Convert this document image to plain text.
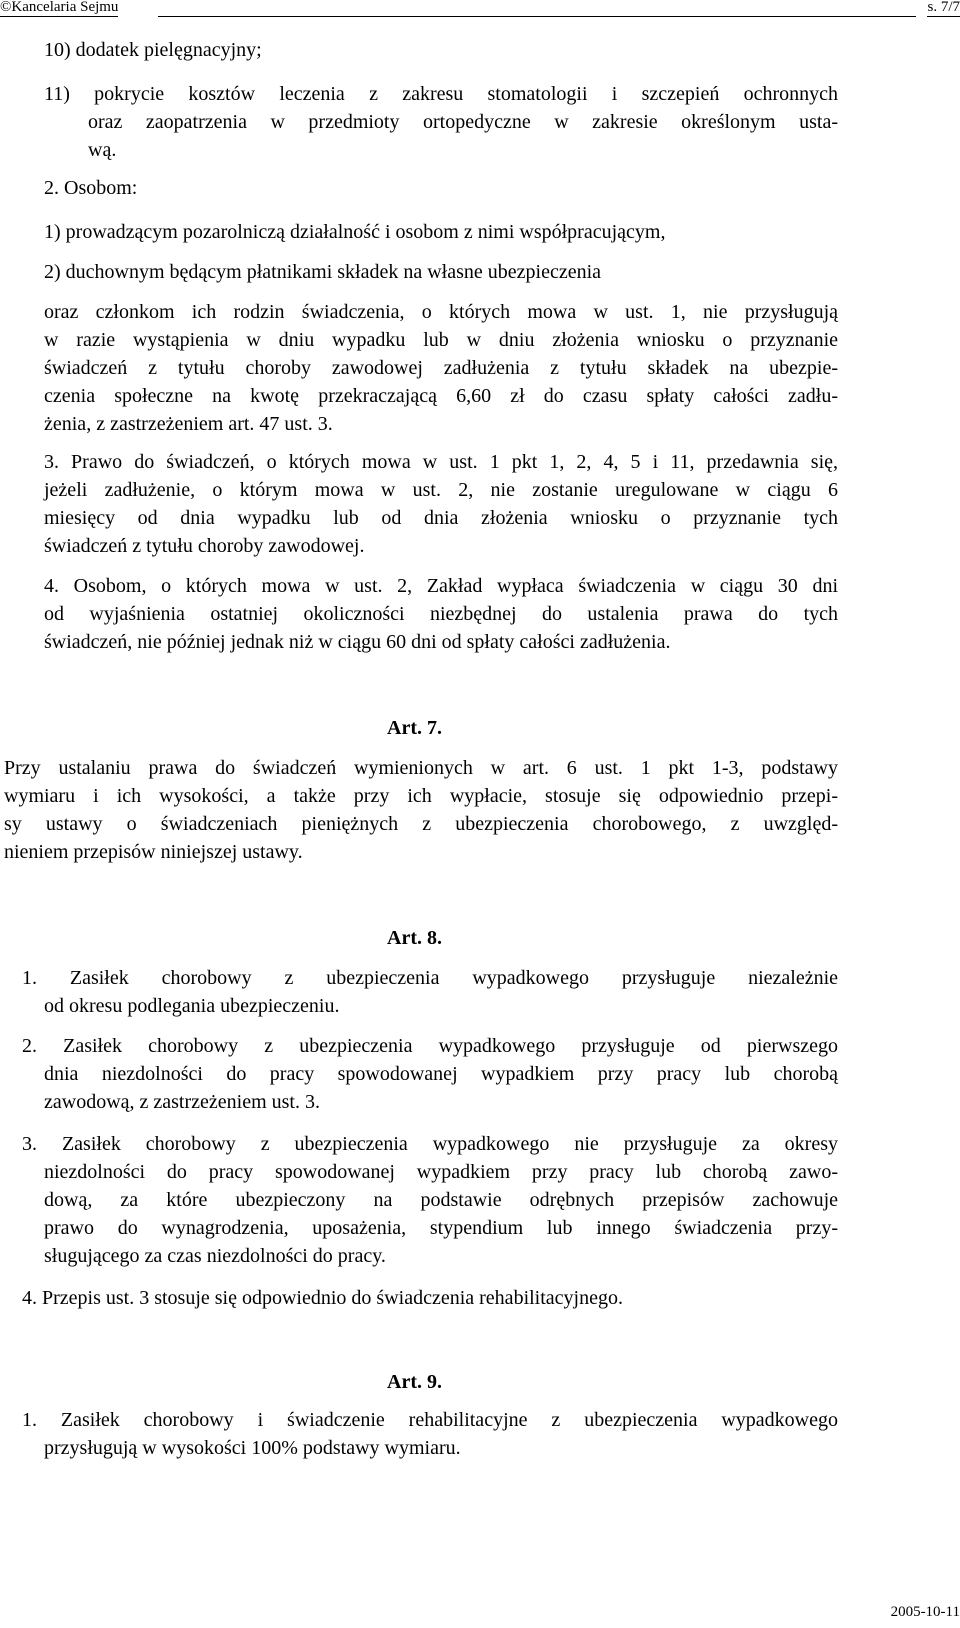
©Kancelaria Sejmu	s. 7/7
10) dodatek pielęgnacyjny;
11) pokrycie kosztów leczenia z zakresu stomatologii i szczepień ochronnych
oraz zaopatrzenia w przedmioty ortopedyczne w zakresie określonym usta-
wą.
2. Osobom:
1) prowadzącym pozarolniczą działalność i osobom z nimi współpracującym,
2) duchownym będącym płatnikami składek na własne ubezpieczenia
oraz członkom ich rodzin świadczenia, o których mowa w ust. 1, nie przysługują
w razie wystąpienia w dniu wypadku lub w dniu złożenia wniosku o przyznanie
świadczeń z tytułu choroby zawodowej zadłużenia z tytułu składek na ubezpie-
czenia społeczne na kwotę przekraczającą 6,60 zł do czasu spłaty całości zadłu-
żenia, z zastrzeżeniem art. 47 ust. 3.
3. Prawo do świadczeń, o których mowa w ust. 1 pkt 1, 2, 4, 5 i 11, przedawnia się,
jeżeli zadłużenie, o którym mowa w ust. 2, nie zostanie uregulowane w ciągu 6
miesięcy od dnia wypadku lub od dnia złożenia wniosku o przyznanie tych
świadczeń z tytułu choroby zawodowej.
4. Osobom, o których mowa w ust. 2, Zakład wypłaca świadczenia w ciągu 30 dni
od wyjaśnienia ostatniej okoliczności niezbędnej do ustalenia prawa do tych
świadczeń, nie później jednak niż w ciągu 60 dni od spłaty całości zadłużenia.
Art. 7.
Przy ustalaniu prawa do świadczeń wymienionych w art. 6 ust. 1 pkt 1-3, podstawy
wymiaru i ich wysokości, a także przy ich wypłacie, stosuje się odpowiednio przepi-
sy ustawy o świadczeniach pieniężnych z ubezpieczenia chorobowego, z uwzględ-
nieniem przepisów niniejszej ustawy.
Art. 8.
1. Zasiłek chorobowy z ubezpieczenia wypadkowego przysługuje niezależnie
od okresu podlegania ubezpieczeniu.
2. Zasiłek chorobowy z ubezpieczenia wypadkowego przysługuje od pierwszego
dnia niezdolności do pracy spowodowanej wypadkiem przy pracy lub chorobą
zawodową, z zastrzeżeniem ust. 3.
3. Zasiłek chorobowy z ubezpieczenia wypadkowego nie przysługuje za okresy
niezdolności do pracy spowodowanej wypadkiem przy pracy lub chorobą zawo-
dową, za które ubezpieczony na podstawie odrębnych przepisów zachowuje
prawo do wynagrodzenia, uposażenia, stypendium lub innego świadczenia przy-
sługującego za czas niezdolności do pracy.
4. Przepis ust. 3 stosuje się odpowiednio do świadczenia rehabilitacyjnego.
Art. 9.
1. Zasiłek chorobowy i świadczenie rehabilitacyjne z ubezpieczenia wypadkowego
przysługują w wysokości 100% podstawy wymiaru.
2005-10-11
